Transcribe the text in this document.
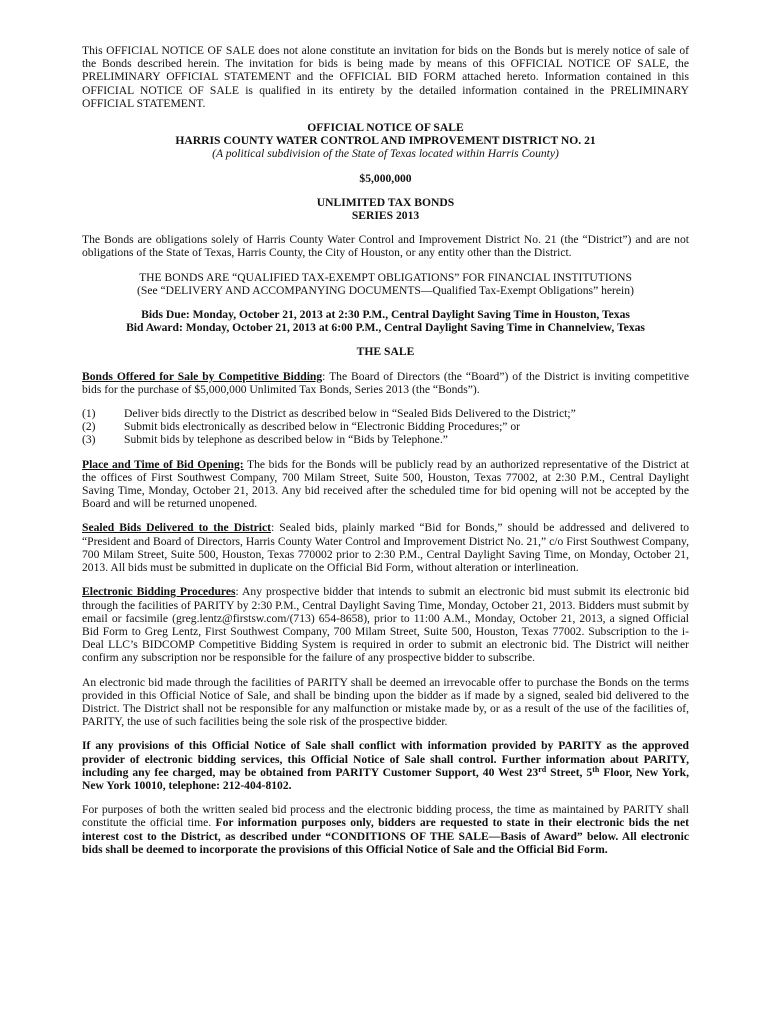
This OFFICIAL NOTICE OF SALE does not alone constitute an invitation for bids on the Bonds but is merely notice of sale of the Bonds described herein. The invitation for bids is being made by means of this OFFICIAL NOTICE OF SALE, the PRELIMINARY OFFICIAL STATEMENT and the OFFICIAL BID FORM attached hereto. Information contained in this OFFICIAL NOTICE OF SALE is qualified in its entirety by the detailed information contained in the PRELIMINARY OFFICIAL STATEMENT.

OFFICIAL NOTICE OF SALE

HARRIS COUNTY WATER CONTROL AND IMPROVEMENT DISTRICT NO. 21

(A political subdivision of the State of Texas located within Harris County)

$5,000,000

UNLIMITED TAX BONDS

SERIES 2013

The Bonds are obligations solely of Harris County Water Control and Improvement District No. 21 (the “District”) and are not obligations of the State of Texas, Harris County, the City of Houston, or any entity other than the District.

THE BONDS ARE “QUALIFIED TAX-EXEMPT OBLIGATIONS” FOR FINANCIAL INSTITUTIONS

(See “DELIVERY AND ACCOMPANYING DOCUMENTS—Qualified Tax-Exempt Obligations” herein)

Bids Due: Monday, October 21, 2013 at 2:30 P.M., Central Daylight Saving Time in Houston, Texas

Bid Award: Monday, October 21, 2013 at 6:00 P.M., Central Daylight Saving Time in Channelview, Texas

THE SALE

Bonds Offered for Sale by Competitive Bidding: The Board of Directors (the “Board”) of the District is inviting competitive bids for the purchase of $5,000,000 Unlimited Tax Bonds, Series 2013 (the “Bonds”).

(1)	Deliver bids directly to the District as described below in “Sealed Bids Delivered to the District;”
(2)	Submit bids electronically as described below in “Electronic Bidding Procedures;” or
(3)	Submit bids by telephone as described below in “Bids by Telephone.”

Place and Time of Bid Opening: The bids for the Bonds will be publicly read by an authorized representative of the District at the offices of First Southwest Company, 700 Milam Street, Suite 500, Houston, Texas 77002, at 2:30 P.M., Central Daylight Saving Time, Monday, October 21, 2013. Any bid received after the scheduled time for bid opening will not be accepted by the Board and will be returned unopened.

Sealed Bids Delivered to the District: Sealed bids, plainly marked “Bid for Bonds,” should be addressed and delivered to “President and Board of Directors, Harris County Water Control and Improvement District No. 21,” c/o First Southwest Company, 700 Milam Street, Suite 500, Houston, Texas 770002 prior to 2:30 P.M., Central Daylight Saving Time, on Monday, October 21, 2013. All bids must be submitted in duplicate on the Official Bid Form, without alteration or interlineation.

Electronic Bidding Procedures: Any prospective bidder that intends to submit an electronic bid must submit its electronic bid through the facilities of PARITY by 2:30 P.M., Central Daylight Saving Time, Monday, October 21, 2013. Bidders must submit by email or facsimile (greg.lentz@firstsw.com/(713) 654-8658), prior to 11:00 A.M., Monday, October 21, 2013, a signed Official Bid Form to Greg Lentz, First Southwest Company, 700 Milam Street, Suite 500, Houston, Texas 77002. Subscription to the i-Deal LLC’s BIDCOMP Competitive Bidding System is required in order to submit an electronic bid. The District will neither confirm any subscription nor be responsible for the failure of any prospective bidder to subscribe.

An electronic bid made through the facilities of PARITY shall be deemed an irrevocable offer to purchase the Bonds on the terms provided in this Official Notice of Sale, and shall be binding upon the bidder as if made by a signed, sealed bid delivered to the District. The District shall not be responsible for any malfunction or mistake made by, or as a result of the use of the facilities of, PARITY, the use of such facilities being the sole risk of the prospective bidder.

If any provisions of this Official Notice of Sale shall conflict with information provided by PARITY as the approved provider of electronic bidding services, this Official Notice of Sale shall control. Further information about PARITY, including any fee charged, may be obtained from PARITY Customer Support, 40 West 23rd Street, 5th Floor, New York, New York 10010, telephone: 212-404-8102.

For purposes of both the written sealed bid process and the electronic bidding process, the time as maintained by PARITY shall constitute the official time. For information purposes only, bidders are requested to state in their electronic bids the net interest cost to the District, as described under “CONDITIONS OF THE SALE—Basis of Award” below. All electronic bids shall be deemed to incorporate the provisions of this Official Notice of Sale and the Official Bid Form.
